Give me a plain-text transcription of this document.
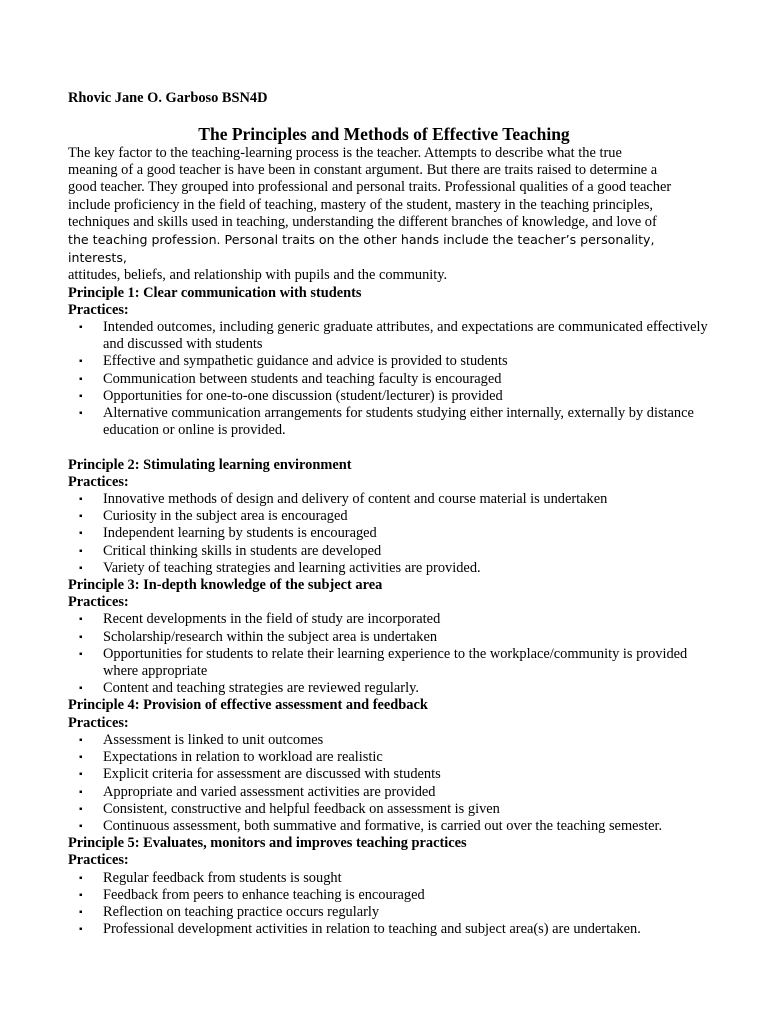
Rhovic Jane O. Garboso BSN4D

The Principles and Methods of Effective Teaching

The key factor to the teaching-learning process is the teacher. Attempts to describe what the true
meaning of a good teacher is have been in constant argument. But there are traits raised to determine a
good teacher. They grouped into professional and personal traits. Professional qualities of a good teacher
include proficiency in the field of teaching, mastery of the student, mastery in the teaching principles,
techniques and skills used in teaching, understanding the different branches of knowledge, and love of
the teaching profession. Personal traits on the other hands include the teacher’s personality, interests,
attitudes, beliefs, and relationship with pupils and the community.

Principle 1: Clear communication with students

Practices:

▪ Intended outcomes, including generic graduate attributes, and expectations are communicated effectively and discussed with students
▪ Effective and sympathetic guidance and advice is provided to students
▪ Communication between students and teaching faculty is encouraged
▪ Opportunities for one-to-one discussion (student/lecturer) is provided
▪ Alternative communication arrangements for students studying either internally, externally by distance education or online is provided.

Principle 2: Stimulating learning environment

Practices:

▪ Innovative methods of design and delivery of content and course material is undertaken
▪ Curiosity in the subject area is encouraged
▪ Independent learning by students is encouraged
▪ Critical thinking skills in students are developed
▪ Variety of teaching strategies and learning activities are provided.

Principle 3: In-depth knowledge of the subject area

Practices:

▪ Recent developments in the field of study are incorporated
▪ Scholarship/research within the subject area is undertaken
▪ Opportunities for students to relate their learning experience to the workplace/community is provided where appropriate
▪ Content and teaching strategies are reviewed regularly.

Principle 4: Provision of effective assessment and feedback

Practices:

▪ Assessment is linked to unit outcomes
▪ Expectations in relation to workload are realistic
▪ Explicit criteria for assessment are discussed with students
▪ Appropriate and varied assessment activities are provided
▪ Consistent, constructive and helpful feedback on assessment is given
▪ Continuous assessment, both summative and formative, is carried out over the teaching semester.

Principle 5: Evaluates, monitors and improves teaching practices

Practices:

▪ Regular feedback from students is sought
▪ Feedback from peers to enhance teaching is encouraged
▪ Reflection on teaching practice occurs regularly
▪ Professional development activities in relation to teaching and subject area(s) are undertaken.
